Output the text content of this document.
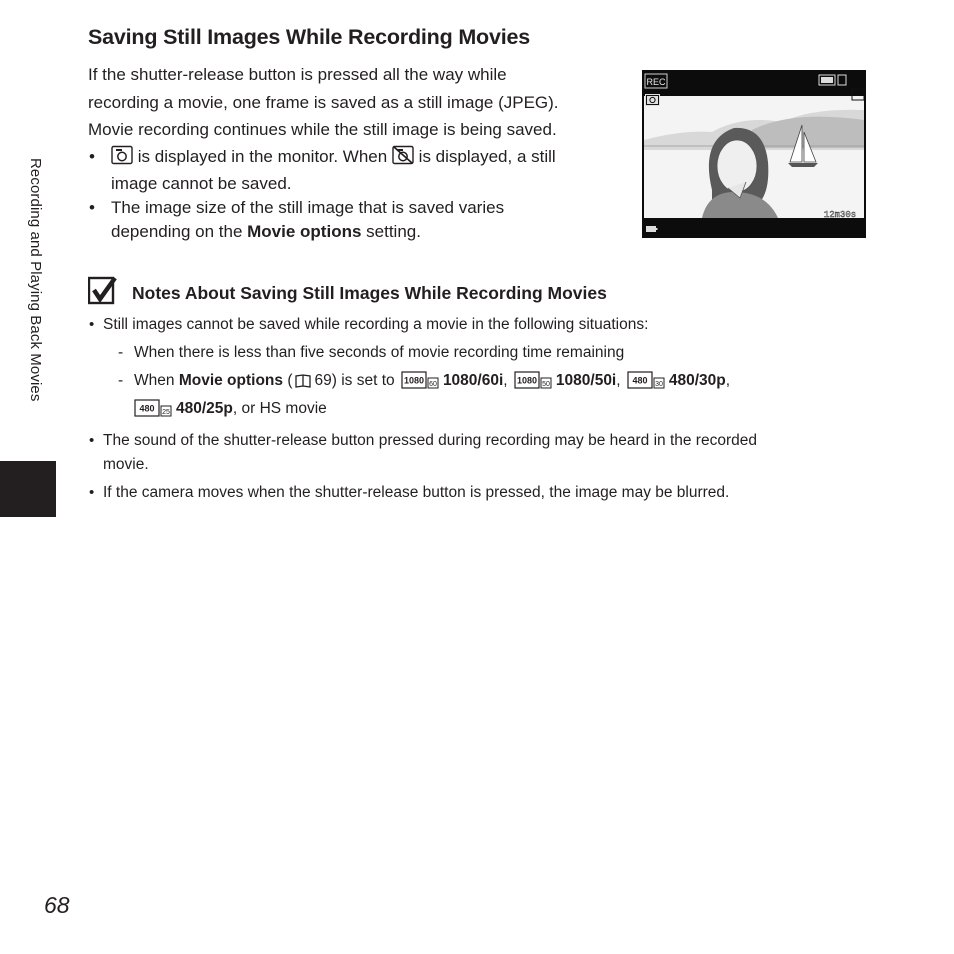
Recording and Playing Back Movies
Saving Still Images While Recording Movies

If the shutter-release button is pressed all the way while

recording a movie, one frame is saved as a still image (JPEG).

Movie recording continues while the still image is being saved.

•	is displayed in the monitor. When is displayed, a still
image cannot be saved.

• The image size of the still image that is saved varies
depending on the Movie options setting.

REC
12m30s

Notes About Saving Still Images While Recording Movies

• Still images cannot be saved while recording a movie in the following situations:
- When there is less than five seconds of movie recording time remaining
- When Movie options ( 69) is set to 1080 60 1080/60i, 1080 50 1080/50i, 480 30 480/30p,

480 25 480/25p, or HS movie
• The sound of the shutter-release button pressed during recording may be heard in the recorded
movie.
• If the camera moves when the shutter-release button is pressed, the image may be blurred.

68
